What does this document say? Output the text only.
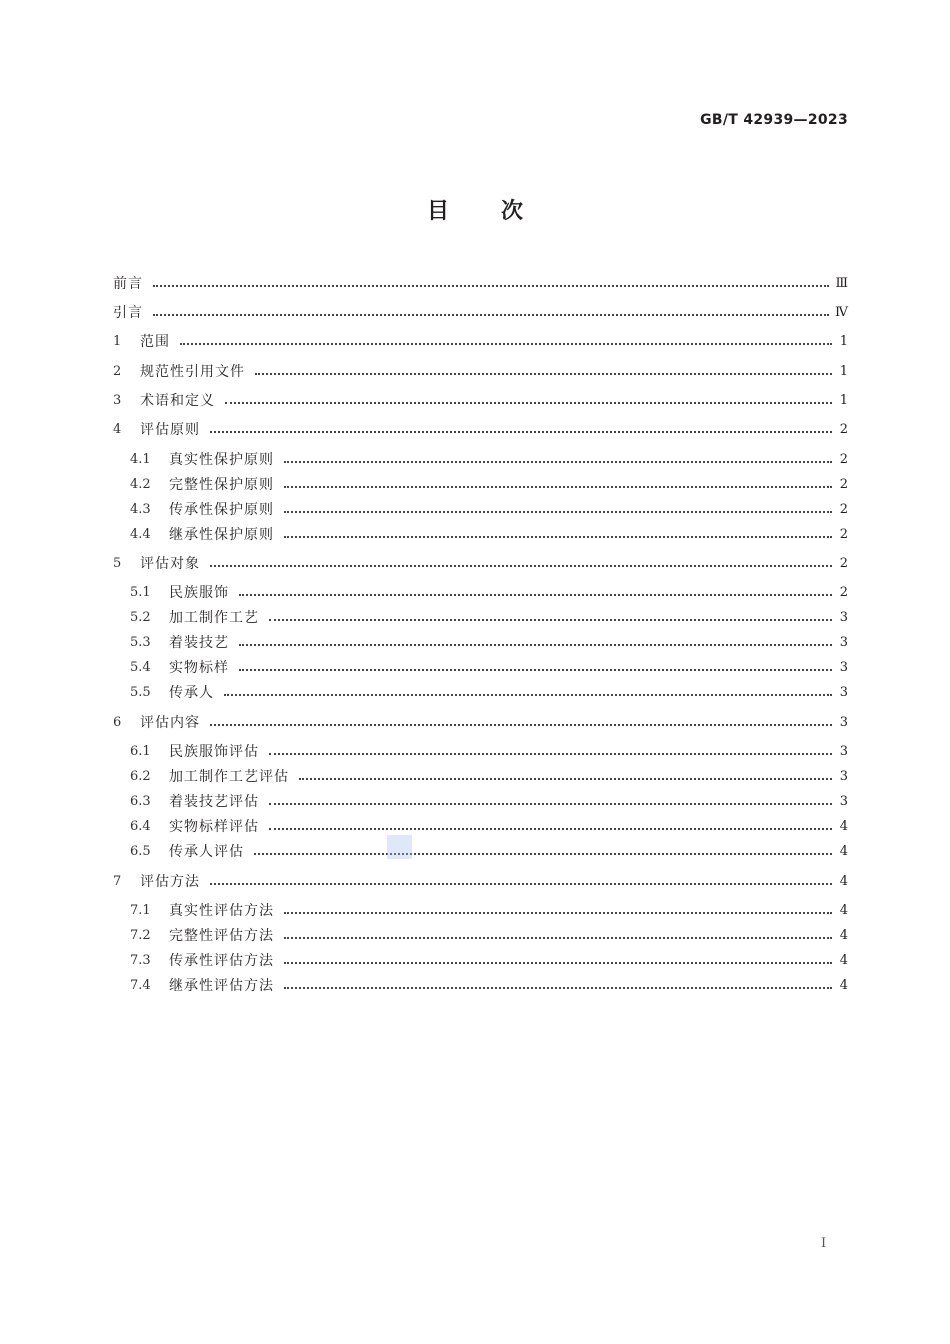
GB/T 42939—2023
目次
前言	Ⅲ
引言	Ⅳ
1	范围	1
2	规范性引用文件	1
3	术语和定义	1
4	评估原则	2
4.1	真实性保护原则	2
4.2	完整性保护原则	2
4.3	传承性保护原则	2
4.4	继承性保护原则	2
5	评估对象	2
5.1	民族服饰	2
5.2	加工制作工艺	3
5.3	着装技艺	3
5.4	实物标样	3
5.5	传承人	3
6	评估内容	3
6.1	民族服饰评估	3
6.2	加工制作工艺评估	3
6.3	着装技艺评估	3
6.4	实物标样评估	4
6.5	传承人评估	4
7	评估方法	4
7.1	真实性评估方法	4
7.2	完整性评估方法	4
7.3	传承性评估方法	4
7.4	继承性评估方法	4
Ⅰ
